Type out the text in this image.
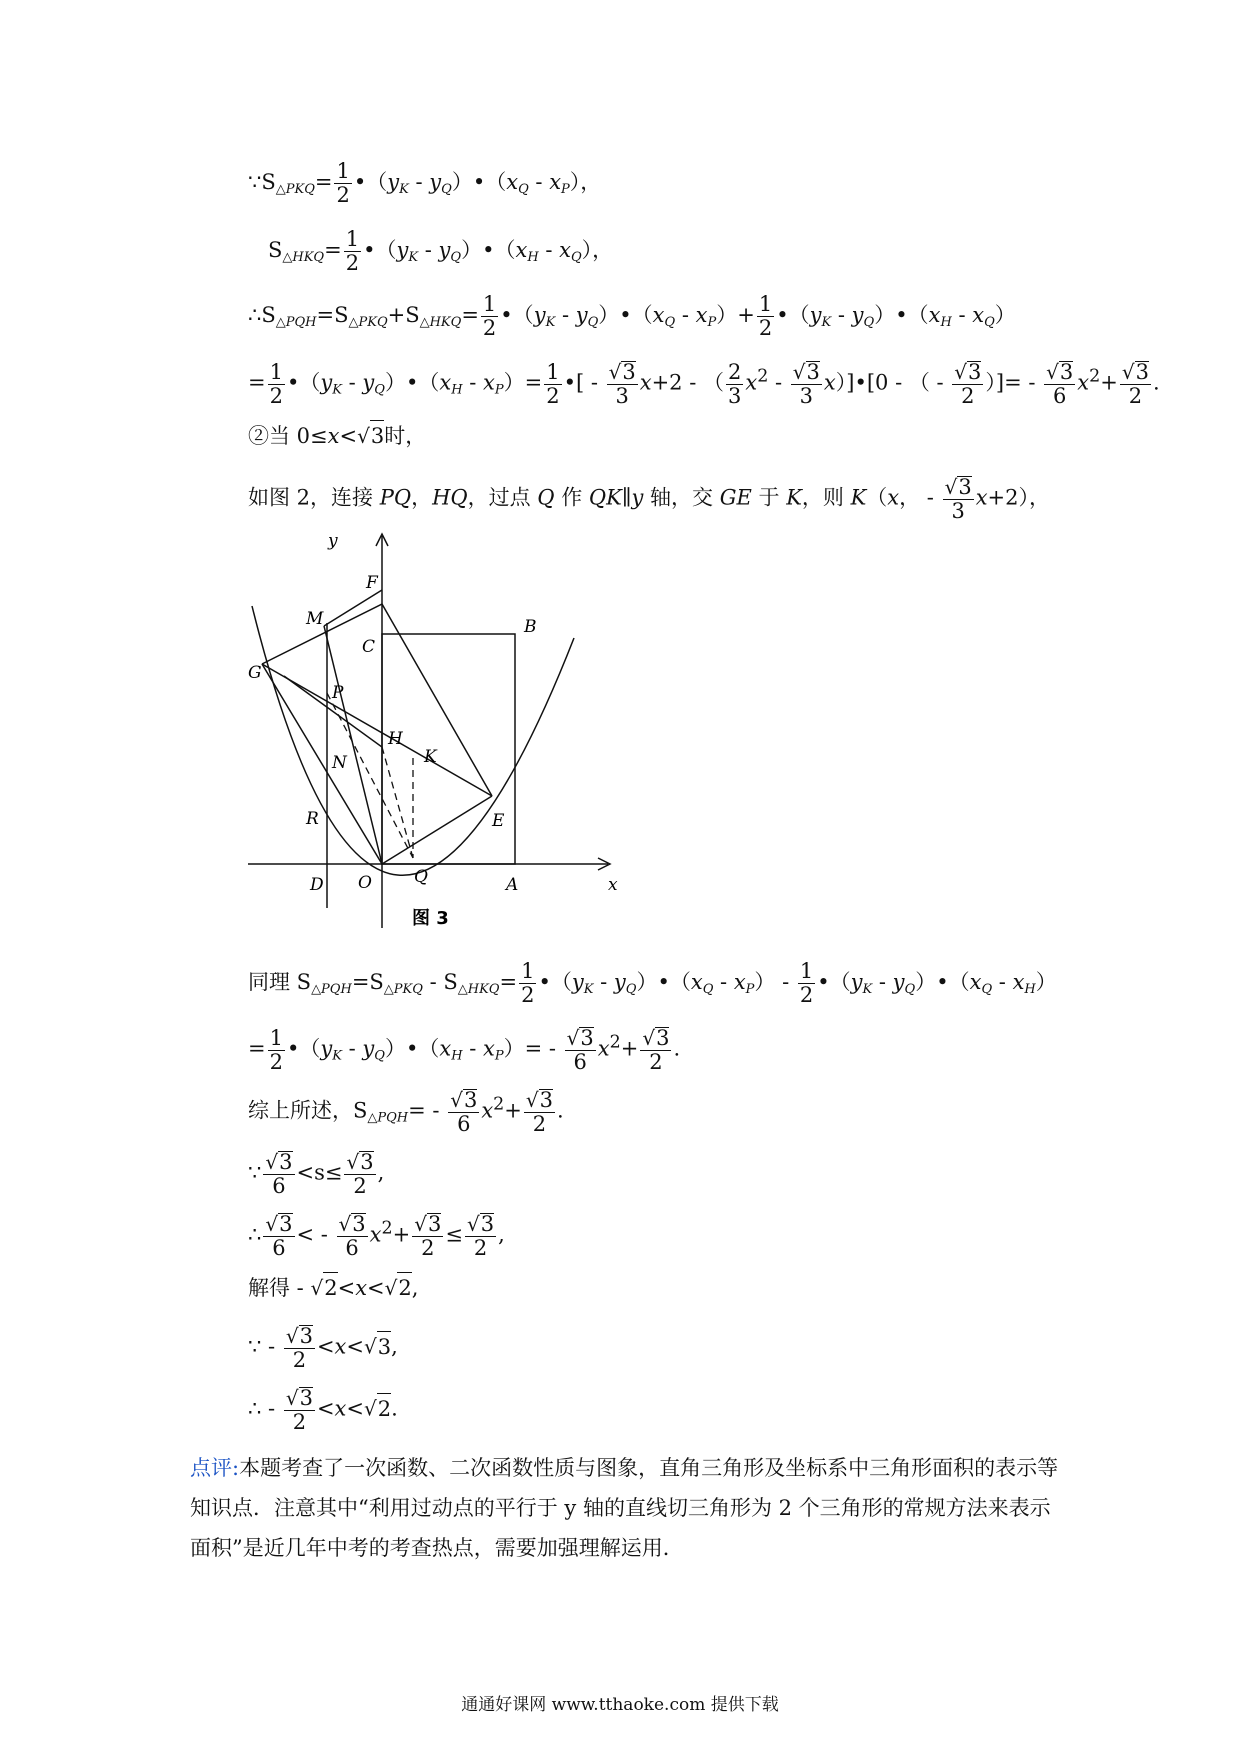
$\because S_{\triangle PKQ}= \frac{1}{2}$ $•(y_K$ - $y_Q)•(x_Q - x_P)$，
$S_{\triangle HKQ}= \frac{1}{2}$ $•(y_K$ - $y_Q)•(x_H - x_Q)$，
$\therefore S_{\triangle PQH}=S_{\triangle PKQ}+S_{\triangle HKQ}= \frac{1}{2}$ $•(y_K$ - $y_Q)•(x_Q - x_P)+ \frac{1}{2}$ $•(y_K$ - $y_Q)•(x_H - x_Q)$
= $\frac{1}{2}$ $•(y_K$ - $y_Q)•(x_H - x_P)= \frac{1}{2}$ •[ - $\frac{√3}{3} x+2$ - （ $\frac{2}{3} x^2 - \frac{√3}{3}$ x）]•[0 - （ - $\frac{√3}{2}$ ）]= - $\frac{√3}{6} x^2+ \frac{√3}{2}$ .
②当 0≤x<√3时，
如图 2，连接 PQ，HQ，过点 Q 作 QK∥y 轴，交 GE 于 K，则 K（x， - $\frac{√3}{3} x+2$），
y
x
F
M
C
B
G
P
H
K
N
R	E
Q
D O	A
图 3
同理 $S_{\triangle PQH}=S_{\triangle PKQ} - S_{\triangle HKQ}= \frac{1}{2}$ $•(y_K$ - $y_Q)•(x_Q - x_P) - \frac{1}{2}$ $•(y_K$ - $y_Q)•(x_Q - x_H)$
= $\frac{1}{2}$ $•(y_K$ - $y_Q)•(x_H - x_P)= - \frac{√3}{6} x^2+ \frac{√3}{2}$ .
综上所述，$S_{\triangle PQH}= - \frac{√3}{6} x^2+ \frac{√3}{2}$ .
∵ $\frac{√3}{6} <s\le \frac{√3}{2}$ ,
∴ $\frac{√3}{6}$ < - $\frac{√3}{6} x^2+ \frac{√3}{2} \le \frac{√3}{2}$ ,
解得 - √2<x<√2,
∵ - $\frac{√3}{2} <x<√3$,
∴ - $\frac{√3}{2} <x<√2$.
点评:本题考查了一次函数、二次函数性质与图象，直角三角形及坐标系中三角形面积的表示等知识点．注意其中“利用过动点的平行于 y 轴的直线切三角形为 2 个三角形的常规方法来表示面积”是近几年中考的考查热点，需要加强理解运用．
通通好课网 www.tthaoke.com 提供下载
